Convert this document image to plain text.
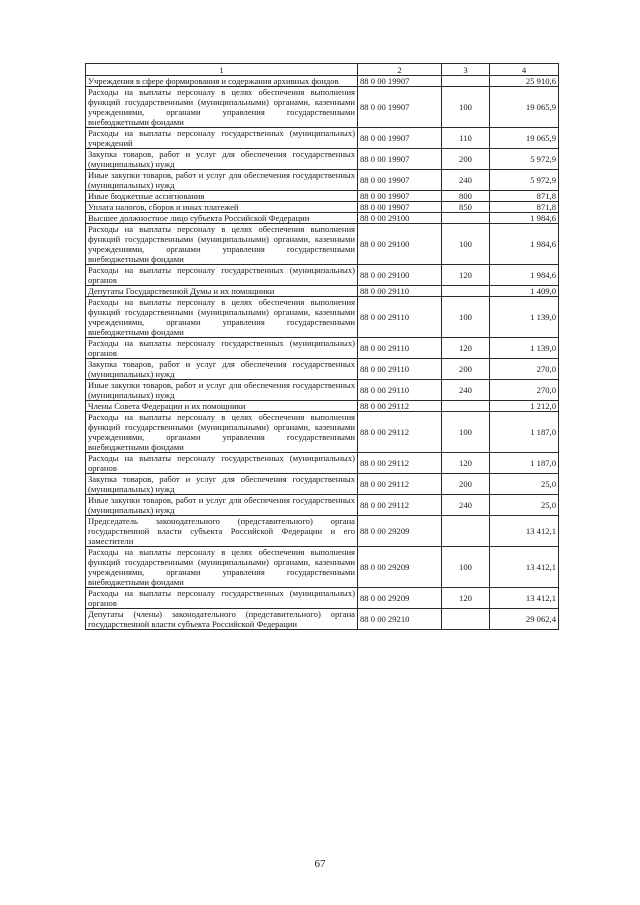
1	2	3	4
Учреждения в сфере формирования и содержания архивных фондов	88 0 00 19907		25 910,6
Расходы на выплаты персоналу в целях обеспечения выполнения функций государственными (муниципальными) органами, казенными учреждениями, органами управления государственными внебюджетными фондами	88 0 00 19907	100	19 065,9
Расходы на выплаты персоналу государственных (муниципальных) учреждений	88 0 00 19907	110	19 065,9
Закупка товаров, работ и услуг для обеспечения государственных (муниципальных) нужд	88 0 00 19907	200	5 972,9
Иные закупки товаров, работ и услуг для обеспечения государственных (муниципальных) нужд	88 0 00 19907	240	5 972,9
Иные бюджетные ассигнования	88 0 00 19907	800	871,8
Уплата налогов, сборов и иных платежей	88 0 00 19907	850	871,8
Высшее должностное лицо субъекта Российской Федерации	88 0 00 29100		1 984,6
Расходы на выплаты персоналу в целях обеспечения выполнения функций государственными (муниципальными) органами, казенными учреждениями, органами управления государственными внебюджетными фондами	88 0 00 29100	100	1 984,6
Расходы на выплаты персоналу государственных (муниципальных) органов	88 0 00 29100	120	1 984,6
Депутаты Государственной Думы и их помощники	88 0 00 29110		1 409,0
Расходы на выплаты персоналу в целях обеспечения выполнения функций государственными (муниципальными) органами, казенными учреждениями, органами управления государственными внебюджетными фондами	88 0 00 29110	100	1 139,0
Расходы на выплаты персоналу государственных (муниципальных) органов	88 0 00 29110	120	1 139,0
Закупка товаров, работ и услуг для обеспечения государственных (муниципальных) нужд	88 0 00 29110	200	270,0
Иные закупки товаров, работ и услуг для обеспечения государственных (муниципальных) нужд	88 0 00 29110	240	270,0
Члены Совета Федерации и их помощники	88 0 00 29112		1 212,0
Расходы на выплаты персоналу в целях обеспечения выполнения функций государственными (муниципальными) органами, казенными учреждениями, органами управления государственными внебюджетными фондами	88 0 00 29112	100	1 187,0
Расходы на выплаты персоналу государственных (муниципальных) органов	88 0 00 29112	120	1 187,0
Закупка товаров, работ и услуг для обеспечения государственных (муниципальных) нужд	88 0 00 29112	200	25,0
Иные закупки товаров, работ и услуг для обеспечения государственных (муниципальных) нужд	88 0 00 29112	240	25,0
Председатель законодательного (представительного) органа государственной власти субъекта Российской Федерации и его заместители	88 0 00 29209		13 412,1
Расходы на выплаты персоналу в целях обеспечения выполнения функций государственными (муниципальными) органами, казенными учреждениями, органами управления государственными внебюджетными фондами	88 0 00 29209	100	13 412,1
Расходы на выплаты персоналу государственных (муниципальных) органов	88 0 00 29209	120	13 412,1
Депутаты (члены) законодательного (представительного) органа государственной власти субъекта Российской Федерации	88 0 00 29210		29 062,4
67
